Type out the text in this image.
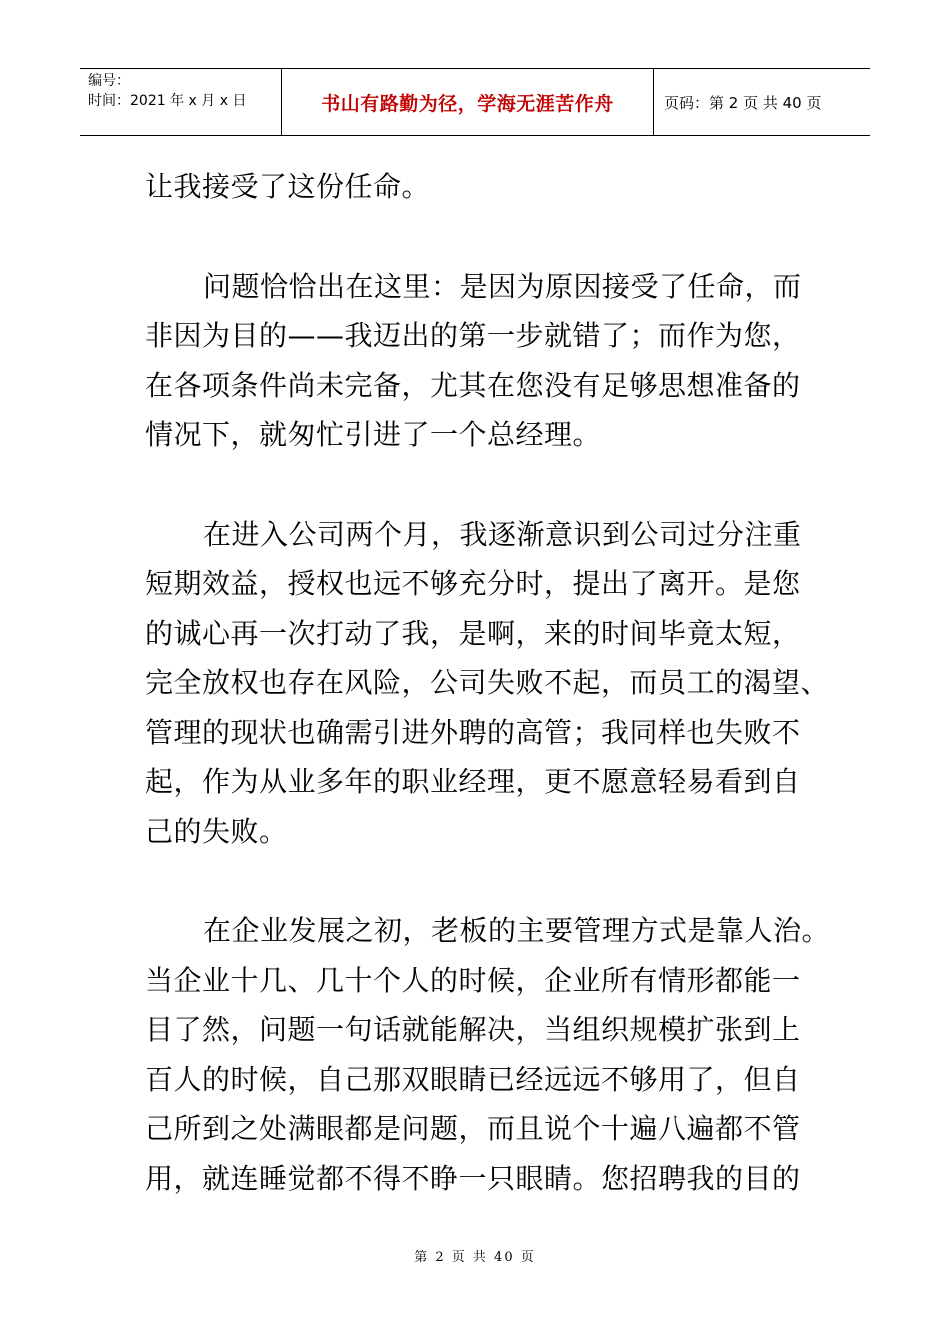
编号：
时间：2021 年 x 月 x 日	书山有路勤为径，学海无涯苦作舟	页码：第 2 页 共 40 页

让我接受了这份任命。

问题恰恰出在这里：是因为原因接受了任命，而
非因为目的——我迈出的第一步就错了；而作为您，
在各项条件尚未完备，尤其在您没有足够思想准备的
情况下，就匆忙引进了一个总经理。

在进入公司两个月，我逐渐意识到公司过分注重
短期效益，授权也远不够充分时，提出了离开。是您
的诚心再一次打动了我，是啊，来的时间毕竟太短，
完全放权也存在风险，公司失败不起，而员工的渴望、
管理的现状也确需引进外聘的高管；我同样也失败不
起，作为从业多年的职业经理，更不愿意轻易看到自
己的失败。

在企业发展之初，老板的主要管理方式是靠人治。
当企业十几、几十个人的时候，企业所有情形都能一
目了然，问题一句话就能解决，当组织规模扩张到上
百人的时候，自己那双眼睛已经远远不够用了，但自
己所到之处满眼都是问题，而且说个十遍八遍都不管
用，就连睡觉都不得不睁一只眼睛。您招聘我的目的

第 2 页 共 40 页
